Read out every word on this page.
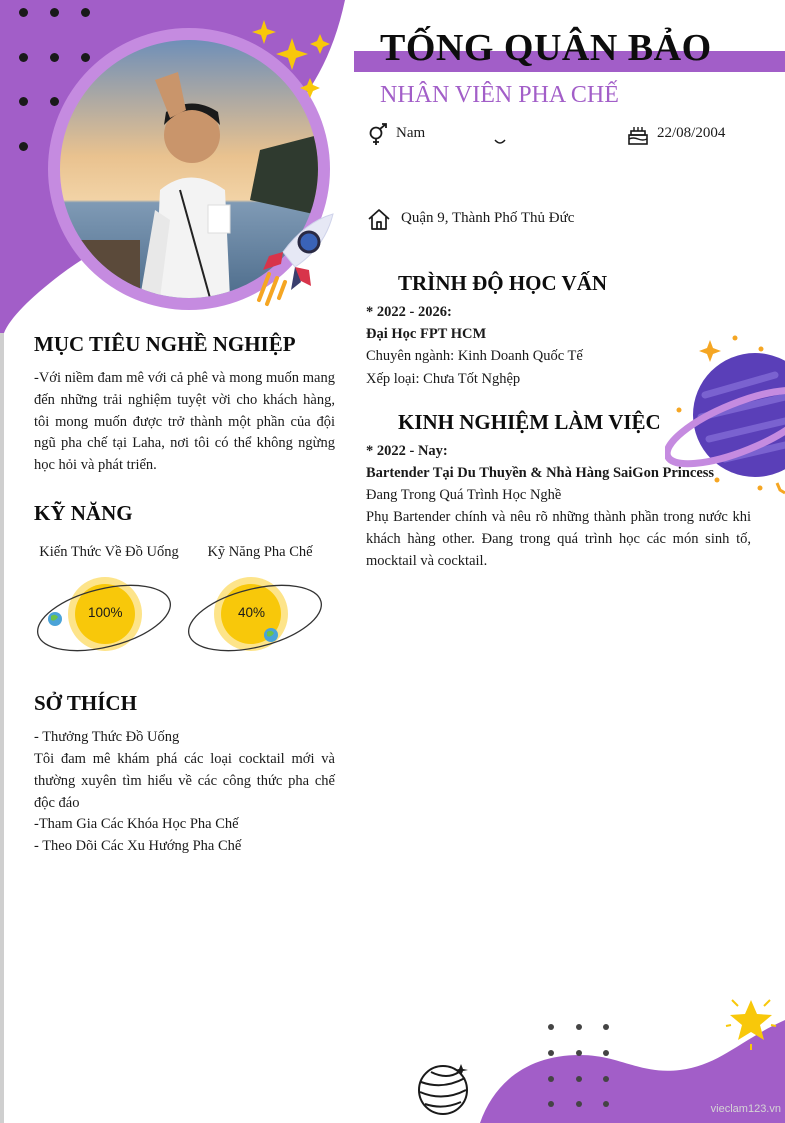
TỐNG QUÂN BẢO
NHÂN VIÊN PHA CHẾ
Nam	22/08/2004
Quận 9, Thành Phố Thủ Đức
MỤC TIÊU NGHỀ NGHIỆP
-Với niềm đam mê với cả phê và mong muốn mang đến những trải nghiệm tuyệt vời cho khách hàng, tôi mong muốn được trở thành một phần của đội ngũ pha chế tại Laha, nơi tôi có thể không ngừng học hỏi và phát triển.
KỸ NĂNG
Kiến Thức Về Đồ Uống	Kỹ Năng Pha Chế
100%	40%
SỞ THÍCH
- Thưởng Thức Đồ Uống
Tôi đam mê khám phá các loại cocktail mới và thường xuyên tìm hiểu về các công thức pha chế độc đáo
-Tham Gia Các Khóa Học Pha Chế
- Theo Dõi Các Xu Hướng Pha Chế
TRÌNH ĐỘ HỌC VẤN
* 2022 - 2026:
Đại Học FPT HCM
Chuyên ngành: Kinh Doanh Quốc Tế
Xếp loại: Chưa Tốt Nghệp
KINH NGHIỆM LÀM VIỆC
* 2022 - Nay:
Bartender Tại Du Thuyền & Nhà Hàng SaiGon Princess
Đang Trong Quá Trình Học Nghề
Phụ Bartender chính và nêu rõ những thành phần trong nước khi khách hàng other. Đang trong quá trình học các món sinh tố, mocktail và cocktail.
vieclam123.vn
